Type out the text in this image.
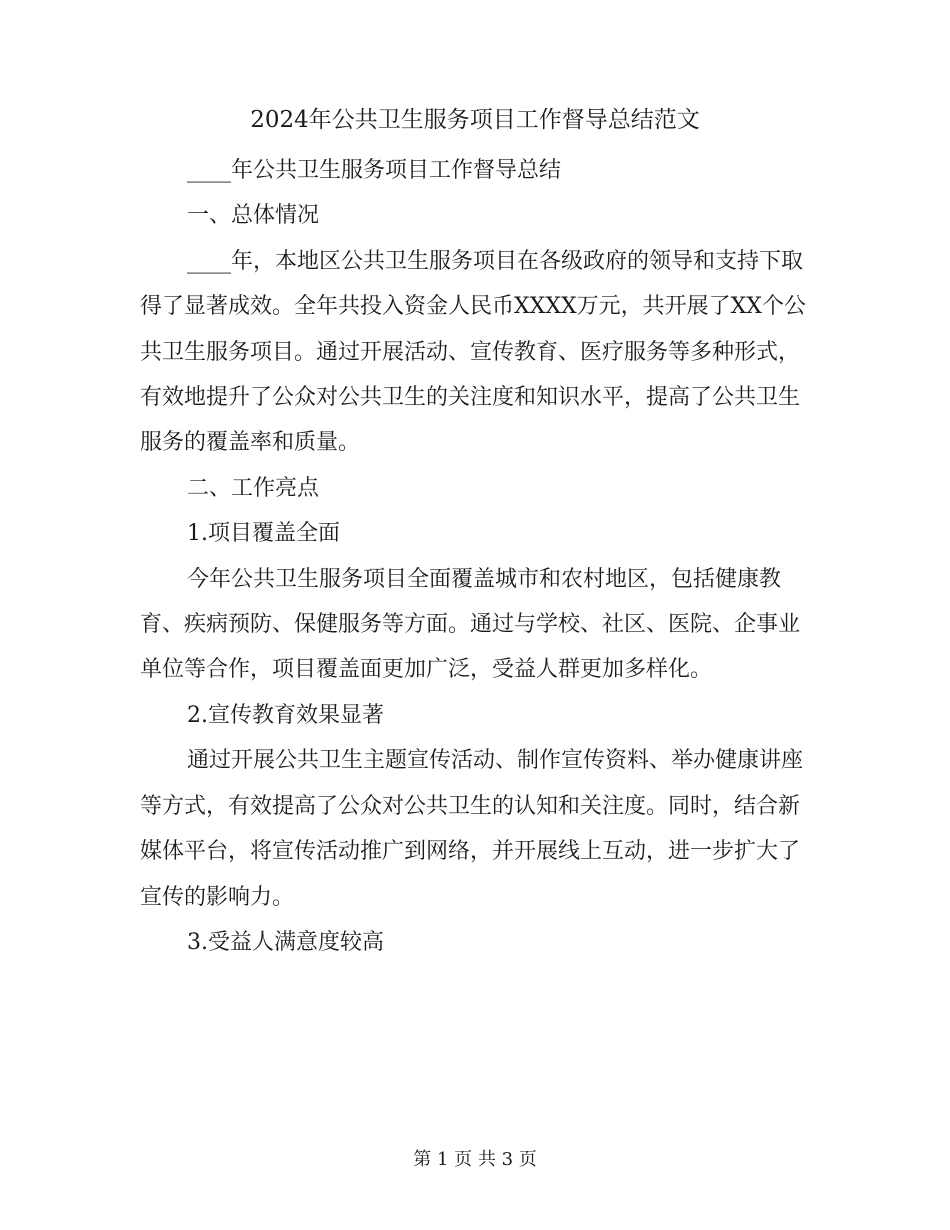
2024年公共卫生服务项目工作督导总结范文

____年公共卫生服务项目工作督导总结

一、总体情况

____年，本地区公共卫生服务项目在各级政府的领导和支持下取得了显著成效。全年共投入资金人民币XXXX万元，共开展了XX个公共卫生服务项目。通过开展活动、宣传教育、医疗服务等多种形式，有效地提升了公众对公共卫生的关注度和知识水平，提高了公共卫生服务的覆盖率和质量。

二、工作亮点

1.项目覆盖全面

今年公共卫生服务项目全面覆盖城市和农村地区，包括健康教育、疾病预防、保健服务等方面。通过与学校、社区、医院、企事业单位等合作，项目覆盖面更加广泛，受益人群更加多样化。

2.宣传教育效果显著

通过开展公共卫生主题宣传活动、制作宣传资料、举办健康讲座等方式，有效提高了公众对公共卫生的认知和关注度。同时，结合新媒体平台，将宣传活动推广到网络，并开展线上互动，进一步扩大了宣传的影响力。

3.受益人满意度较高

第 1 页 共 3 页
